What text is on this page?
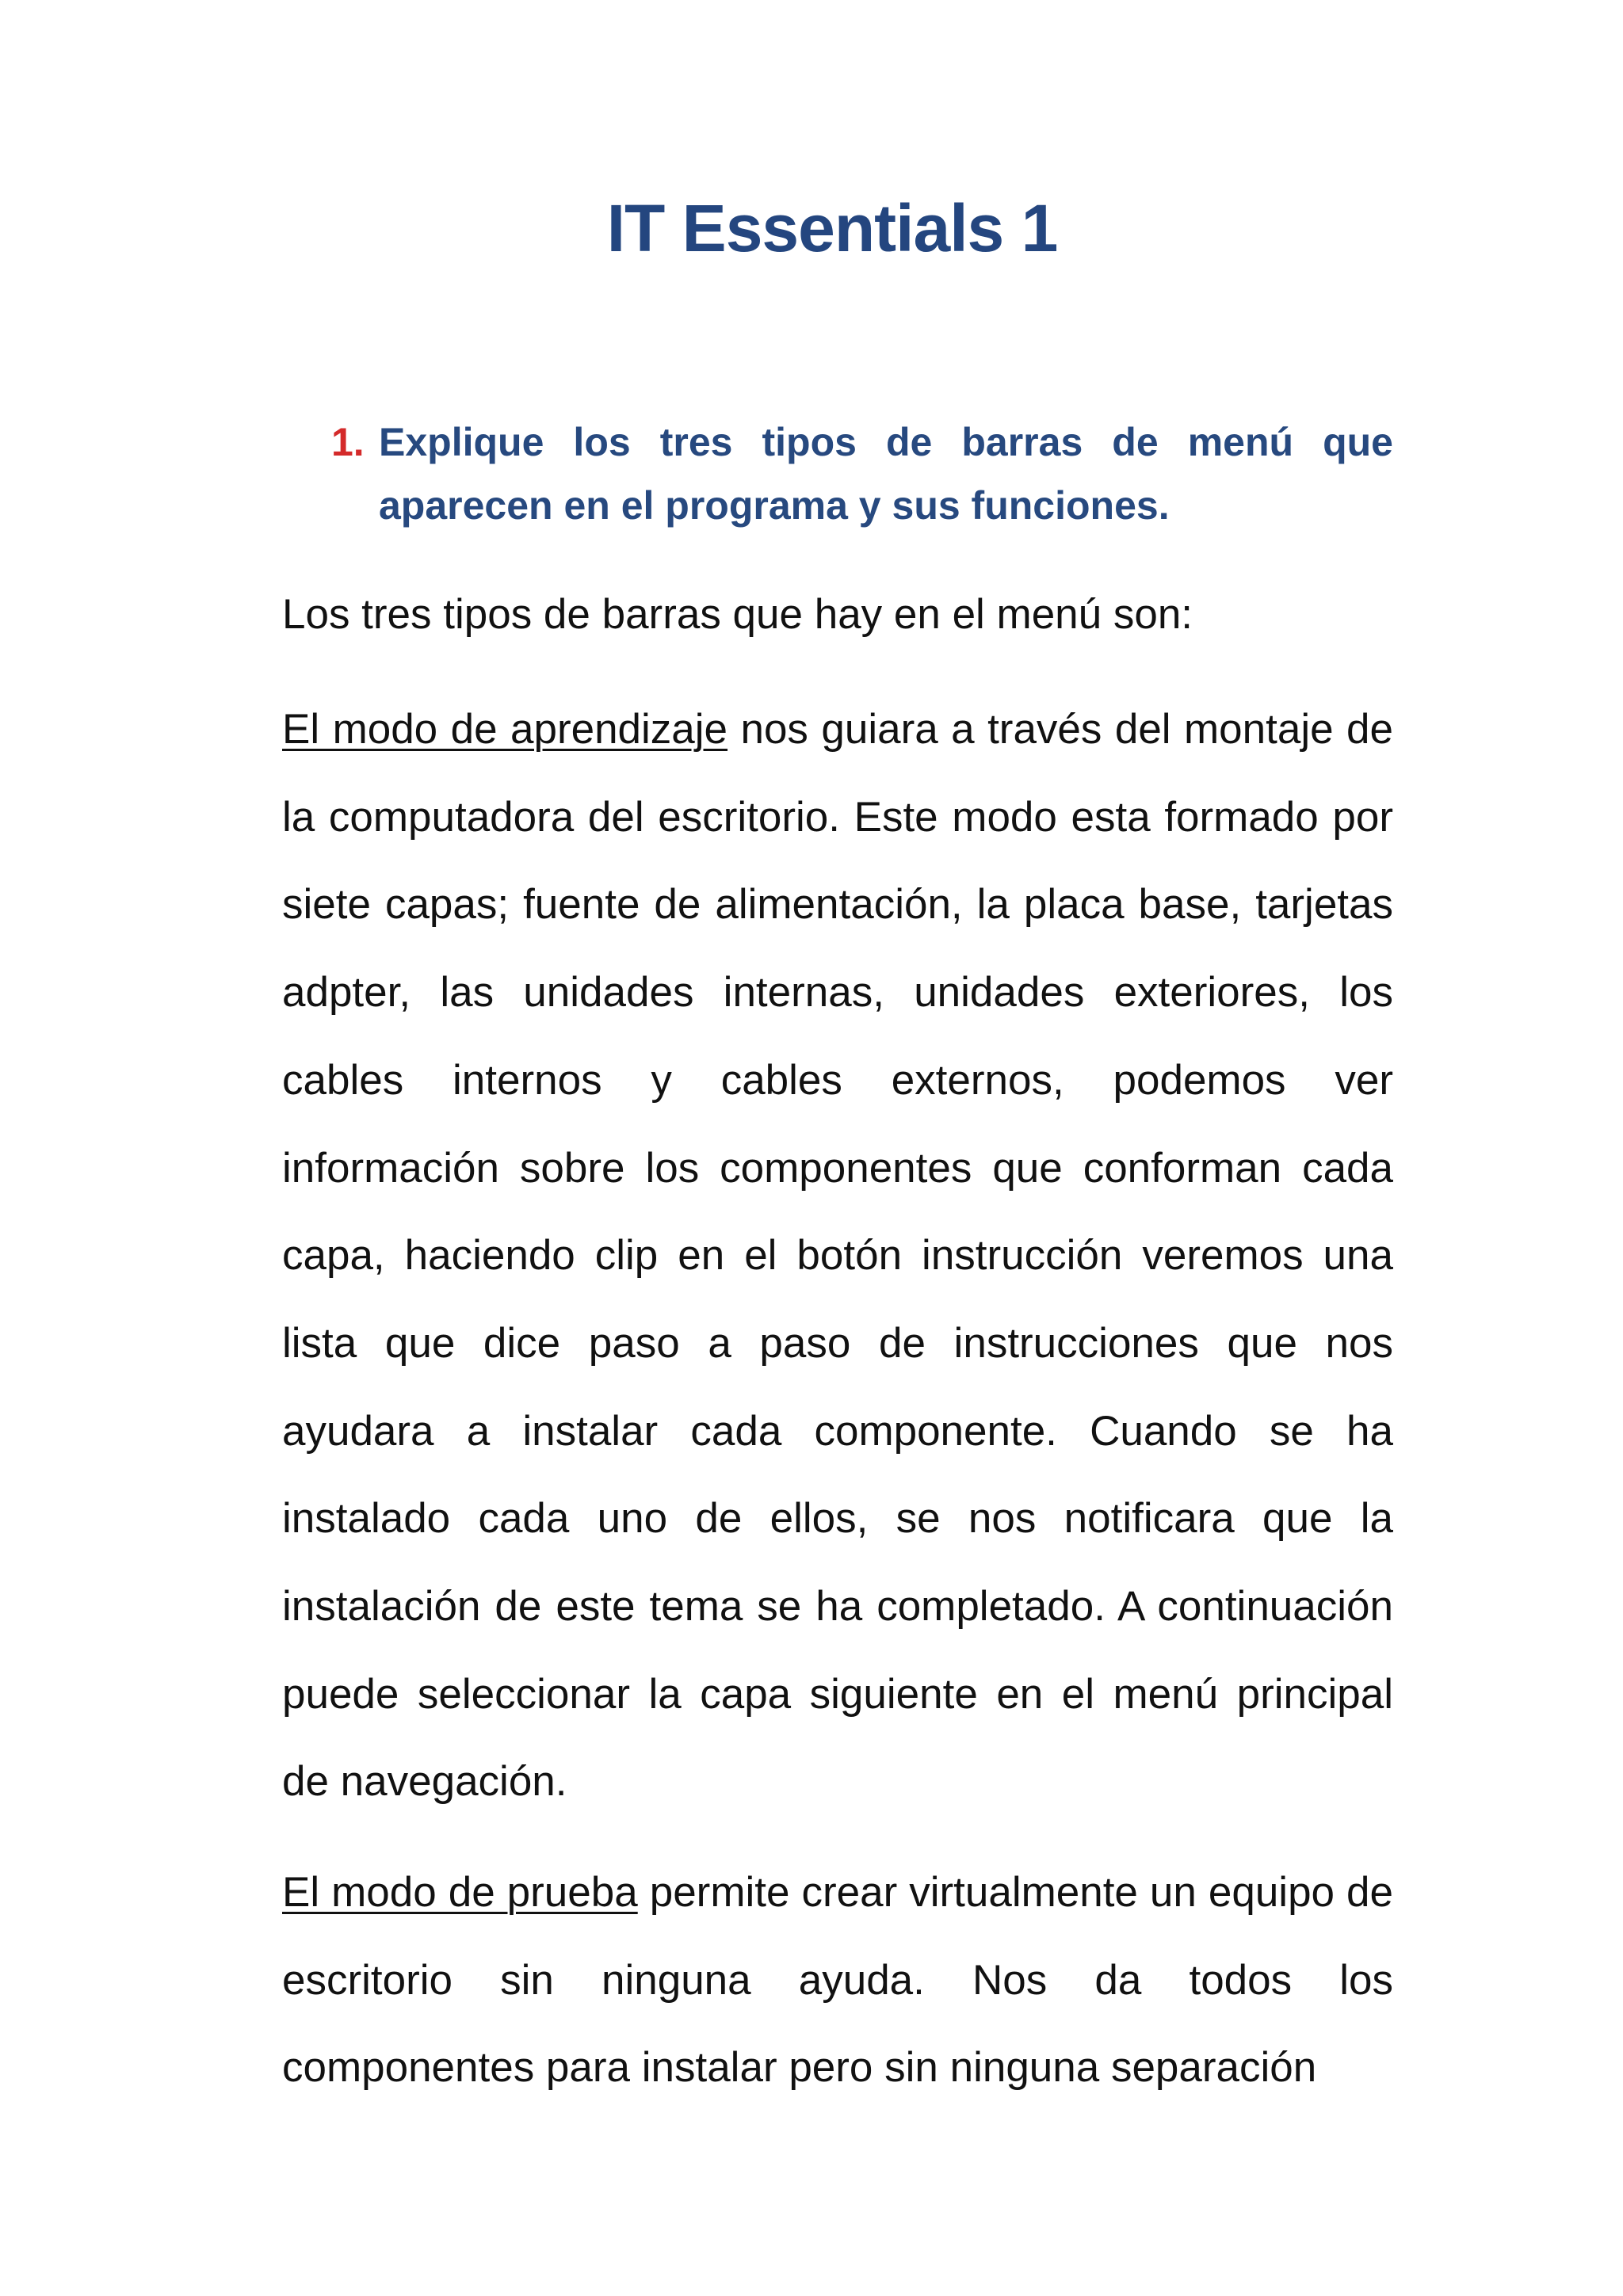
IT Essentials 1
1. Explique los tres tipos de barras de menú que aparecen en el programa y sus funciones.

Los tres tipos de barras que hay en el menú son:

El modo de aprendizaje nos guiara a través del montaje de la computadora del escritorio. Este modo esta formado por siete capas; fuente de alimentación, la placa base, tarjetas adpter, las unidades internas, unidades exteriores, los cables internos y cables externos, podemos ver información sobre los componentes que conforman cada capa, haciendo clip en el botón instrucción veremos una lista que dice paso a paso de instrucciones que nos ayudara a instalar cada componente. Cuando se ha instalado cada uno de ellos, se nos notificara que la instalación de este tema se ha completado. A continuación puede seleccionar la capa siguiente en el menú principal de navegación.

El modo de prueba permite crear virtualmente un equipo de escritorio sin ninguna ayuda. Nos da todos los componentes para instalar pero sin ninguna separación
